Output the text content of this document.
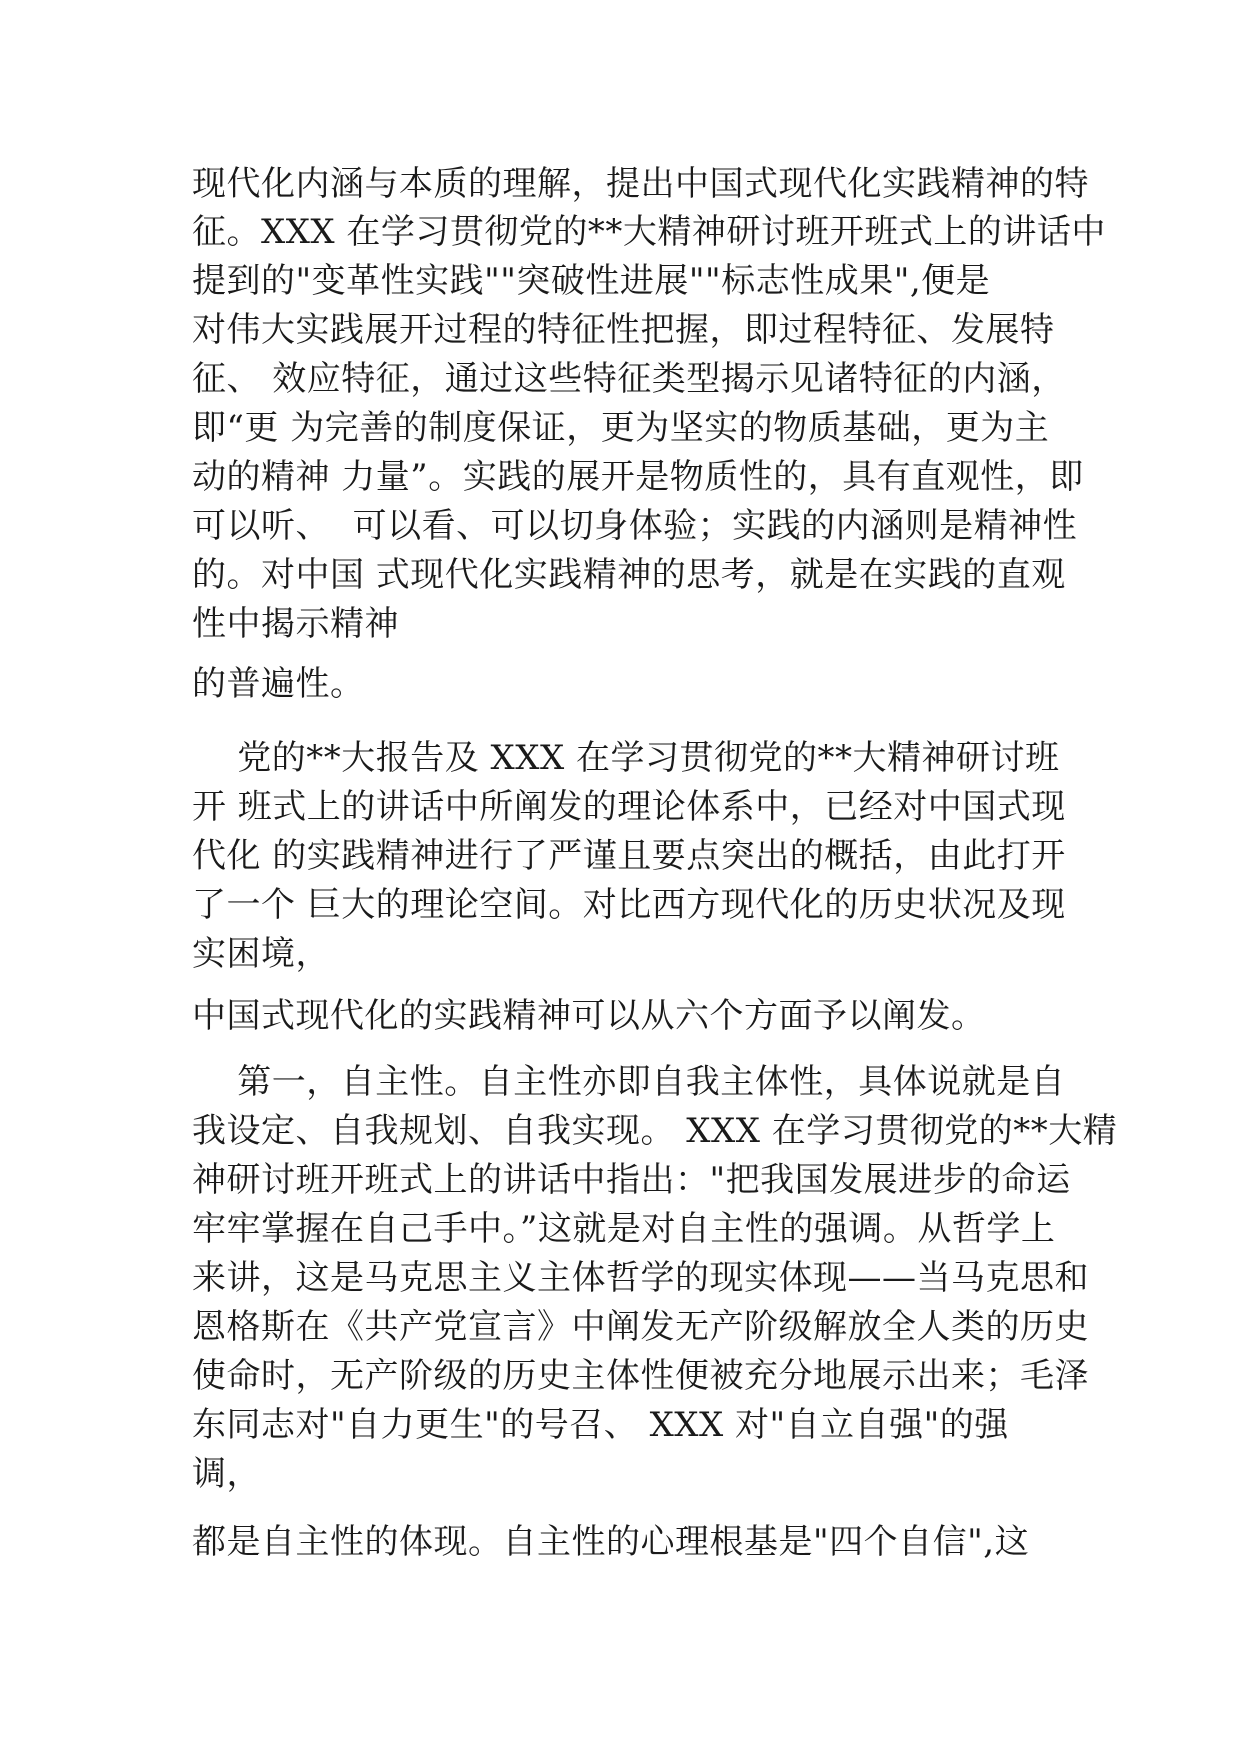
现代化内涵与本质的理解，提出中国式现代化实践精神的特

征。XXX 在学习贯彻党的**大精神研讨班开班式上的讲话中

提到的"变革性实践""突破性进展""标志性成果",便是

对伟大实践展开过程的特征性把握，即过程特征、发展特

征、 效应特征，通过这些特征类型揭示见诸特征的内涵，

即“更 为完善的制度保证，更为坚实的物质基础，更为主

动的精神 力量”。实践的展开是物质性的，具有直观性，即

可以听、  可以看、可以切身体验；实践的内涵则是精神性

的。对中国 式现代化实践精神的思考，就是在实践的直观

性中揭示精神

的普遍性。

党的**大报告及 XXX 在学习贯彻党的**大精神研讨班

开 班式上的讲话中所阐发的理论体系中，已经对中国式现

代化 的实践精神进行了严谨且要点突出的概括，由此打开

了一个 巨大的理论空间。对比西方现代化的历史状况及现

实困境，

中国式现代化的实践精神可以从六个方面予以阐发。

第一，自主性。自主性亦即自我主体性，具体说就是自

我设定、自我规划、自我实现。 XXX 在学习贯彻党的**大精

神研讨班开班式上的讲话中指出："把我国发展进步的命运

牢牢掌握在自己手中。”这就是对自主性的强调。从哲学上

来讲，这是马克思主义主体哲学的现实体现——当马克思和

恩格斯在《共产党宣言》中阐发无产阶级解放全人类的历史

使命时，无产阶级的历史主体性便被充分地展示出来；毛泽

东同志对"自力更生"的号召、 XXX 对"自立自强"的强

调，

都是自主性的体现。自主性的心理根基是"四个自信",这
